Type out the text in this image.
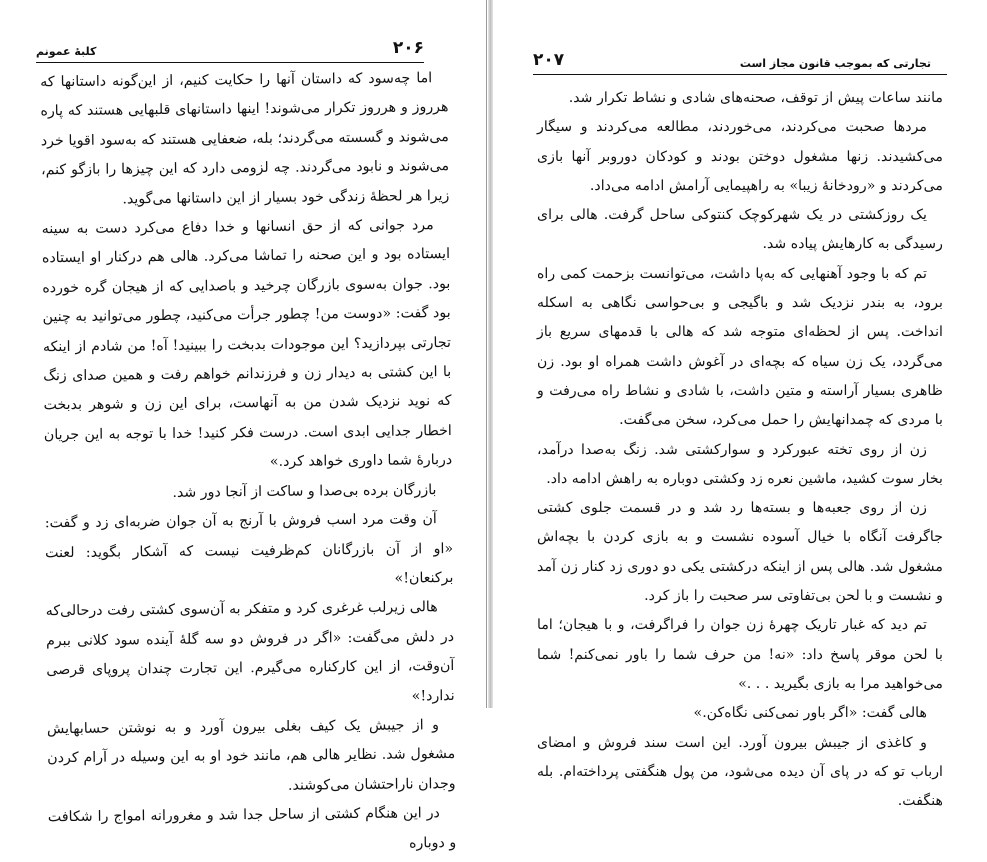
کلبهٔ عمونم	۲۰۶

اما چه‌سود که داستان آنها را حکایت کنیم، از این‌گونه داستانها که هرروز و هرروز تکرار می‌شوند! اینها داستانهای قلبهایی هستند که پاره می‌شوند و گسسته می‌گردند؛ بله، ضعفایی هستند که به‌سود اقویا خرد می‌شوند و نابود می‌گردند. چه لزومی دارد که این چیزها را بازگو کنم، زیرا هر لحظهٔ زندگی خود بسیار از این داستانها می‌گوید.

مرد جوانی که از حق انسانها و خدا دفاع می‌کرد دست به سینه ایستاده بود و این صحنه را تماشا می‌کرد. هالی هم درکنار او ایستاده بود. جوان به‌سوی بازرگان چرخید و باصدایی که از هیجان گره خورده بود گفت: «دوست من! چطور جرأت می‌کنید، چطور می‌توانید به چنین تجارتی بپردازید؟ این موجودات بدبخت را ببینید! آه! من شادم از اینکه با این کشتی به دیدار زن و فرزندانم خواهم رفت و همین صدای زنگ که نوید نزدیک شدن من به آنهاست، برای این زن و شوهر بدبخت اخطار جدایی ابدی است. درست فکر کنید! خدا با توجه به این جریان دربارهٔ شما داوری خواهد کرد.»

بازرگان برده بی‌صدا و ساکت از آنجا دور شد.

آن وقت مرد اسب فروش با آرنج به آن جوان ضربه‌ای زد و گفت: «او از آن بازرگانان کم‌ظرفیت نیست که آشکار بگوید: لعنت برکنعان!»

هالی زیرلب غرغری کرد و متفکر به آن‌سوی کشتی رفت درحالی‌که در دلش می‌گفت: «اگر در فروش دو سه گلهٔ آینده سود کلانی ببرم آن‌وقت، از این کارکناره می‌گیرم. این تجارت چندان پروپای قرصی ندارد!»

و از جیبش یک کیف بغلی بیرون آورد و به نوشتن حسابهایش مشغول شد. نظایر هالی هم، مانند خود او به این وسیله در آرام کردن وجدان ناراحتشان می‌کوشند.

در این هنگام کشتی از ساحل جدا شد و مغرورانه امواج را شکافت و دوباره

۲۰۷	تجارتی که بموجب قانون مجاز است

مانند ساعات پیش از توقف، صحنه‌های شادی و نشاط تکرار شد.

مردها صحبت می‌کردند، می‌خوردند، مطالعه می‌کردند و سیگار می‌کشیدند. زنها مشغول دوختن بودند و کودکان دوروبر آنها بازی می‌کردند و «رودخانهٔ زیبا» به راهپیمایی آرامش ادامه می‌داد.

یک روزکشتی در یک شهرکوچک کنتوکی ساحل گرفت. هالی برای رسیدگی به کارهایش پیاده شد.

تم که با وجود آهنهایی که به‌پا داشت، می‌توانست بزحمت کمی راه برود، به بندر نزدیک شد و باگیجی و بی‌حواسی نگاهی به اسکله انداخت. پس از لحظه‌ای متوجه شد که هالی با قدمهای سریع باز می‌گردد، یک زن سیاه که بچه‌ای در آغوش داشت همراه او بود. زن ظاهری بسیار آراسته و متین داشت، با شادی و نشاط راه می‌رفت و با مردی که چمدانهایش را حمل می‌کرد، سخن می‌گفت.

زن از روی تخته عبورکرد و سوارکشتی شد. زنگ به‌صدا درآمد، بخار سوت کشید، ماشین نعره زد وکشتی دوباره به راهش ادامه داد.

زن از روی جعبه‌ها و بسته‌ها رد شد و در قسمت جلوی کشتی جاگرفت آنگاه با خیال آسوده نشست و به بازی کردن با بچه‌اش مشغول شد. هالی پس از اینکه درکشتی یکی دو دوری زد کنار زن آمد و نشست و با لحن بی‌تفاوتی سر صحبت را باز کرد.

تم دید که غبار تاریک چهرهٔ زن جوان را فراگرفت، و با هیجان؛ اما با لحن موقر پاسخ داد: «نه! من حرف شما را باور نمی‌کنم! شما می‌خواهید مرا به بازی بگیرید . . .»

هالی گفت: «اگر باور نمی‌کنی نگاه‌کن.»

و کاغذی از جیبش بیرون آورد. این است سند فروش و امضای ارباب تو که در پای آن دیده می‌شود، من پول هنگفتی پرداخته‌ام. بله هنگفت.
